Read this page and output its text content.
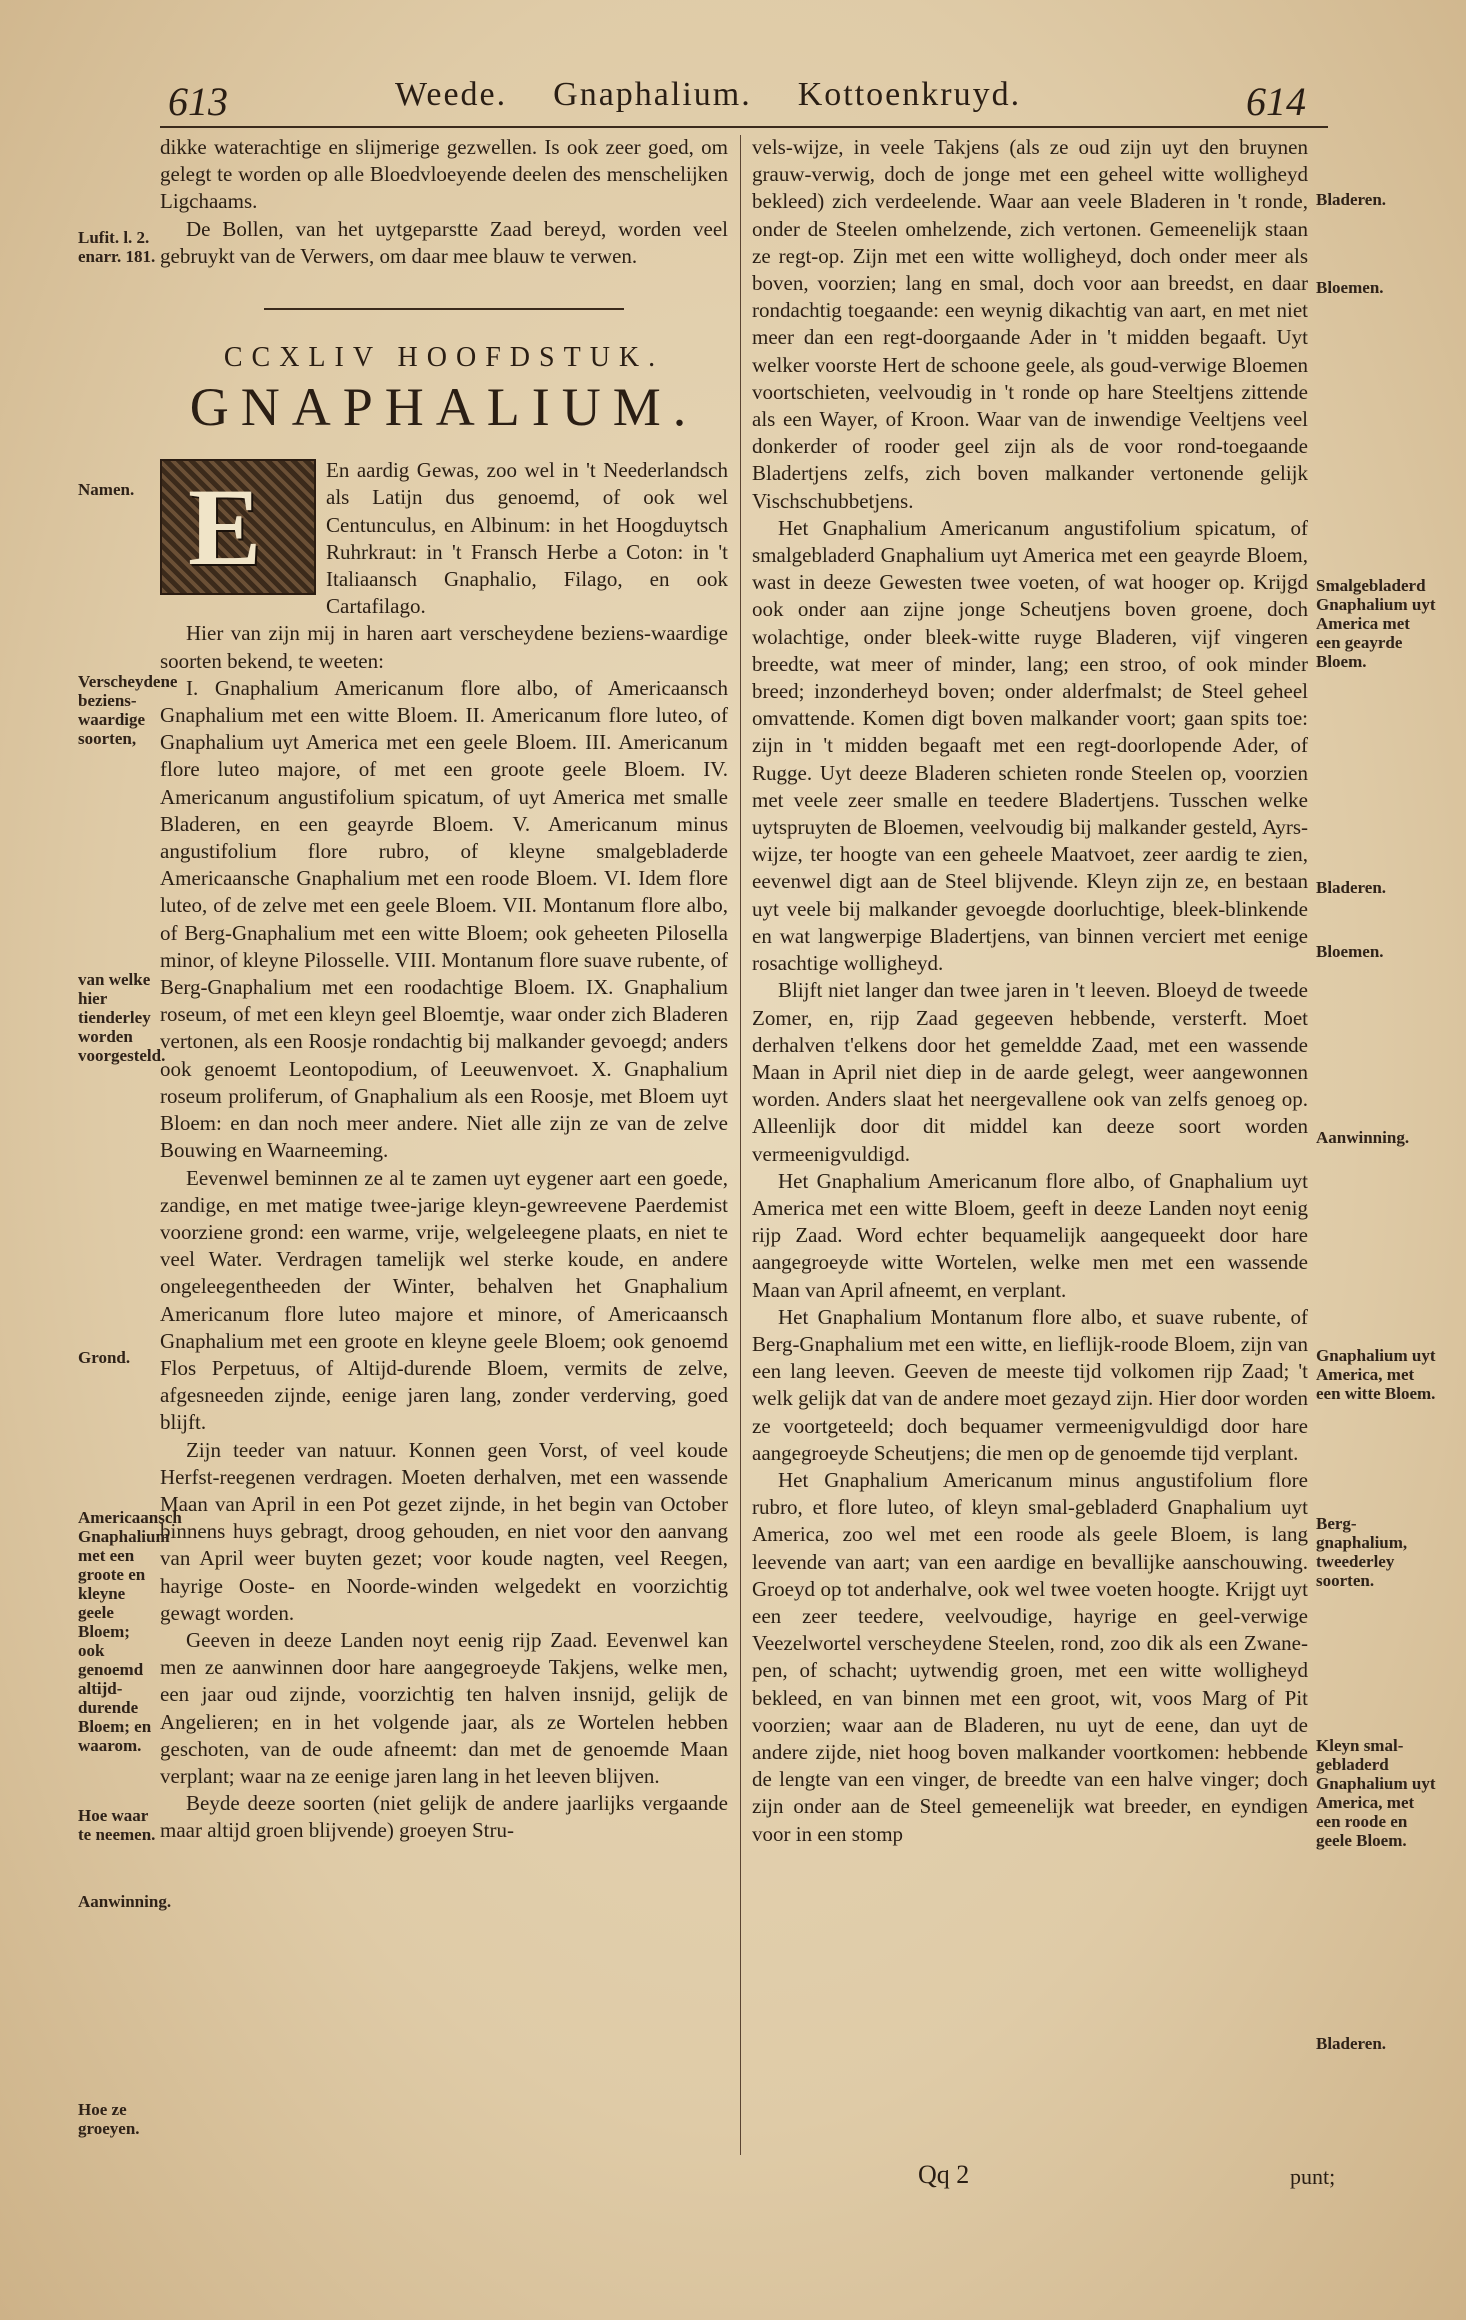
613	Weede. Gnaphalium. Kottoenkruyd.	614

dikke waterachtige en slijmerige gezwellen. Is ook zeer goed, om gelegt te worden op alle Bloedvloeyende deelen des menschelijken Ligchaams.

De Bollen, van het uytgeparstte Zaad bereyd, worden veel gebruykt van de Verwers, om daar mee blauw te verwen.

CCXLIV HOOFDSTUK.
GNAPHALIUM.
E	En aardig Gewas, zoo wel in 't Neederlandsch als Latijn dus genoemd, of ook wel Centunculus, en Albinum: in het Hoogduytsch Ruhrkraut: in 't Fransch Herbe a Coton: in 't Italiaansch Gnaphalio, Filago, en ook Cartafilago.

Hier van zijn mij in haren aart verscheydene beziens-waardige soorten bekend, te weeten:

I. Gnaphalium Americanum flore albo, of Americaansch Gnaphalium met een witte Bloem. II. Americanum flore luteo, of Gnaphalium uyt America met een geele Bloem. III. Americanum flore luteo majore, of met een groote geele Bloem. IV. Americanum angustifolium spicatum, of uyt America met smalle Bladeren, en een geayrde Bloem. V. Americanum minus angustifolium flore rubro, of kleyne smalgebladerde Americaansche Gnaphalium met een roode Bloem. VI. Idem flore luteo, of de zelve met een geele Bloem. VII. Montanum flore albo, of Berg-Gnaphalium met een witte Bloem; ook geheeten Pilosella minor, of kleyne Pilosselle. VIII. Montanum flore suave rubente, of Berg-Gnaphalium met een roodachtige Bloem. IX. Gnaphalium roseum, of met een kleyn geel Bloemtje, waar onder zich Bladeren vertonen, als een Roosje rondachtig bij malkander gevoegd; anders ook genoemt Leontopodium, of Leeuwenvoet. X. Gnaphalium roseum proliferum, of Gnaphalium als een Roosje, met Bloem uyt Bloem: en dan noch meer andere. Niet alle zijn ze van de zelve Bouwing en Waarneeming.

Eevenwel beminnen ze al te zamen uyt eygener aart een goede, zandige, en met matige twee-jarige kleyn-gewreevene Paerdemist voorziene grond: een warme, vrije, welgeleegene plaats, en niet te veel Water. Verdragen tamelijk wel sterke koude, en andere ongeleegentheeden der Winter, behalven het Gnaphalium Americanum flore luteo majore et minore, of Americaansch Gnaphalium met een groote en kleyne geele Bloem; ook genoemd Flos Perpetuus, of Altijd-durende Bloem, vermits de zelve, afgesneeden zijnde, eenige jaren lang, zonder verderving, goed blijft.

Zijn teeder van natuur. Konnen geen Vorst, of veel koude Herfst-reegenen verdragen. Moeten derhalven, met een wassende Maan van April in een Pot gezet zijnde, in het begin van October binnens huys gebragt, droog gehouden, en niet voor den aanvang van April weer buyten gezet; voor koude nagten, veel Reegen, hayrige Oostе- en Noorde-winden welgedekt en voorzichtig gewagt worden.

Geeven in deeze Landen noyt eenig rijp Zaad. Eevenwel kan men ze aanwinnen door hare aangegroeyde Takjens, welke men, een jaar oud zijnde, voorzichtig ten halven insnijd, gelijk de Angelieren; en in het volgende jaar, als ze Wortelen hebben geschoten, van de oude afneemt: dan met de genoemde Maan verplant; waar na ze eenige jaren lang in het leeven blijven.

Beyde deeze soorten (niet gelijk de andere jaarlijks vergaande maar altijd groen blijvende) groeyen Stru-

Lufit. l. 2. enarr. 181.
Namen.
Verscheydene beziens-waardige soorten,
van welke hier tienderley worden voorgesteld.
Grond.
Americaansch Gnaphalium met een groote en kleyne geele Bloem; ook genoemd altijd-durende Bloem; en waarom.
Hoe waar te neemen.
Aanwinning.
Hoe ze groeyen.

vels-wijze, in veele Takjens (als ze oud zijn uyt den bruynen grauw-verwig, doch de jonge met een geheel witte wolligheyd bekleed) zich verdeelende. Waar aan veele Bladeren in 't ronde, onder de Steelen omhelzende, zich vertonen. Gemeenelijk staan ze regt-op. Zijn met een witte wolligheyd, doch onder meer als boven, voorzien; lang en smal, doch voor aan breedst, en daar rondachtig toegaande: een weynig dikachtig van aart, en met niet meer dan een regt-doorgaande Ader in 't midden begaaft. Uyt welker voorste Hert de schoone geele, als goud-verwige Bloemen voortschieten, veelvoudig in 't ronde op hare Steeltjens zittende als een Wayer, of Kroon. Waar van de inwendige Veeltjens veel donkerder of rooder geel zijn als de voor rond-toegaande Bladertjens zelfs, zich boven malkander vertonende gelijk Vischschubbetjens.

Het Gnaphalium Americanum angustifolium spicatum, of smalgebladerd Gnaphalium uyt America met een geayrde Bloem, wast in deeze Gewesten twee voeten, of wat hooger op. Krijgd ook onder aan zijne jonge Scheutjens boven groene, doch wolachtige, onder bleek-witte ruyge Bladeren, vijf vingeren breedte, wat meer of minder, lang; een stroo, of ook minder breed; inzonderheyd boven; onder alderfmalst; de Steel geheel omvattende. Komen digt boven malkander voort; gaan spits toe: zijn in 't midden begaaft met een regt-doorlopende Ader, of Rugge. Uyt deeze Bladeren schieten ronde Steelen op, voorzien met veele zeer smalle en teedere Bladertjens. Tusschen welke uytspruyten de Bloemen, veelvoudig bij malkander gesteld, Ayrs-wijze, ter hoogte van een geheele Maatvoet, zeer aardig te zien, eevenwel digt aan de Steel blijvende. Kleyn zijn ze, en bestaan uyt veele bij malkander gevoegde doorluchtige, bleek-blinkende en wat langwerpige Bladertjens, van binnen verciert met eenige rosachtige wolligheyd.

Blijft niet langer dan twee jaren in 't leeven. Bloeyd de tweede Zomer, en, rijp Zaad gegeeven hebbende, versterft. Moet derhalven t'elkens door het gemeldde Zaad, met een wassende Maan in April niet diep in de aarde gelegt, weer aangewonnen worden. Anders slaat het neergevallene ook van zelfs genoeg op. Alleenlijk door dit middel kan deeze soort worden vermeenigvuldigd.

Het Gnaphalium Americanum flore albo, of Gnaphalium uyt America met een witte Bloem, geeft in deeze Landen noyt eenig rijp Zaad. Word echter bequamelijk aangequeekt door hare aangegroeyde witte Wortelen, welke men met een wassende Maan van April afneemt, en verplant.

Het Gnaphalium Montanum flore albo, et suave rubente, of Berg-Gnaphalium met een witte, en lieflijk-roode Bloem, zijn van een lang leeven. Geeven de meeste tijd volkomen rijp Zaad; 't welk gelijk dat van de andere moet gezayd zijn. Hier door worden ze voortgeteeld; doch bequamer vermeenigvuldigd door hare aangegroeyde Scheutjens; die men op de genoemde tijd verplant.

Het Gnaphalium Americanum minus angustifolium flore rubro, et flore luteo, of kleyn smal-gebladerd Gnaphalium uyt America, zoo wel met een roode als geele Bloem, is lang leevende van aart; van een aardige en bevallijke aanschouwing. Groeyd op tot anderhalve, ook wel twee voeten hoogte. Krijgt uyt een zeer teedere, veelvoudige, hayrige en geel-verwige Veezelwortel verscheydene Steelen, rond, zoo dik als een Zwane-pen, of schacht; uytwendig groen, met een witte wolligheyd bekleed, en van binnen met een groot, wit, voos Marg of Pit voorzien; waar aan de Bladeren, nu uyt de eene, dan uyt de andere zijde, niet hoog boven malkander voortkomen: hebbende de lengte van een vinger, de breedte van een halve vinger; doch zijn onder aan de Steel gemeenelijk wat breeder, en eyndigen voor in een stomp

Bladeren.
Bloemen.
Smalgebladerd Gnaphalium uyt America met een geayrde Bloem.
Bladeren.
Bloemen.
Aanwinning.
Gnaphalium uyt America, met een witte Bloem.
Berg-gnaphalium, tweederley soorten.
Kleyn smal-gebladerd Gnaphalium uyt America, met een roode en geele Bloem.
Bladeren.
Qq 2	punt;
